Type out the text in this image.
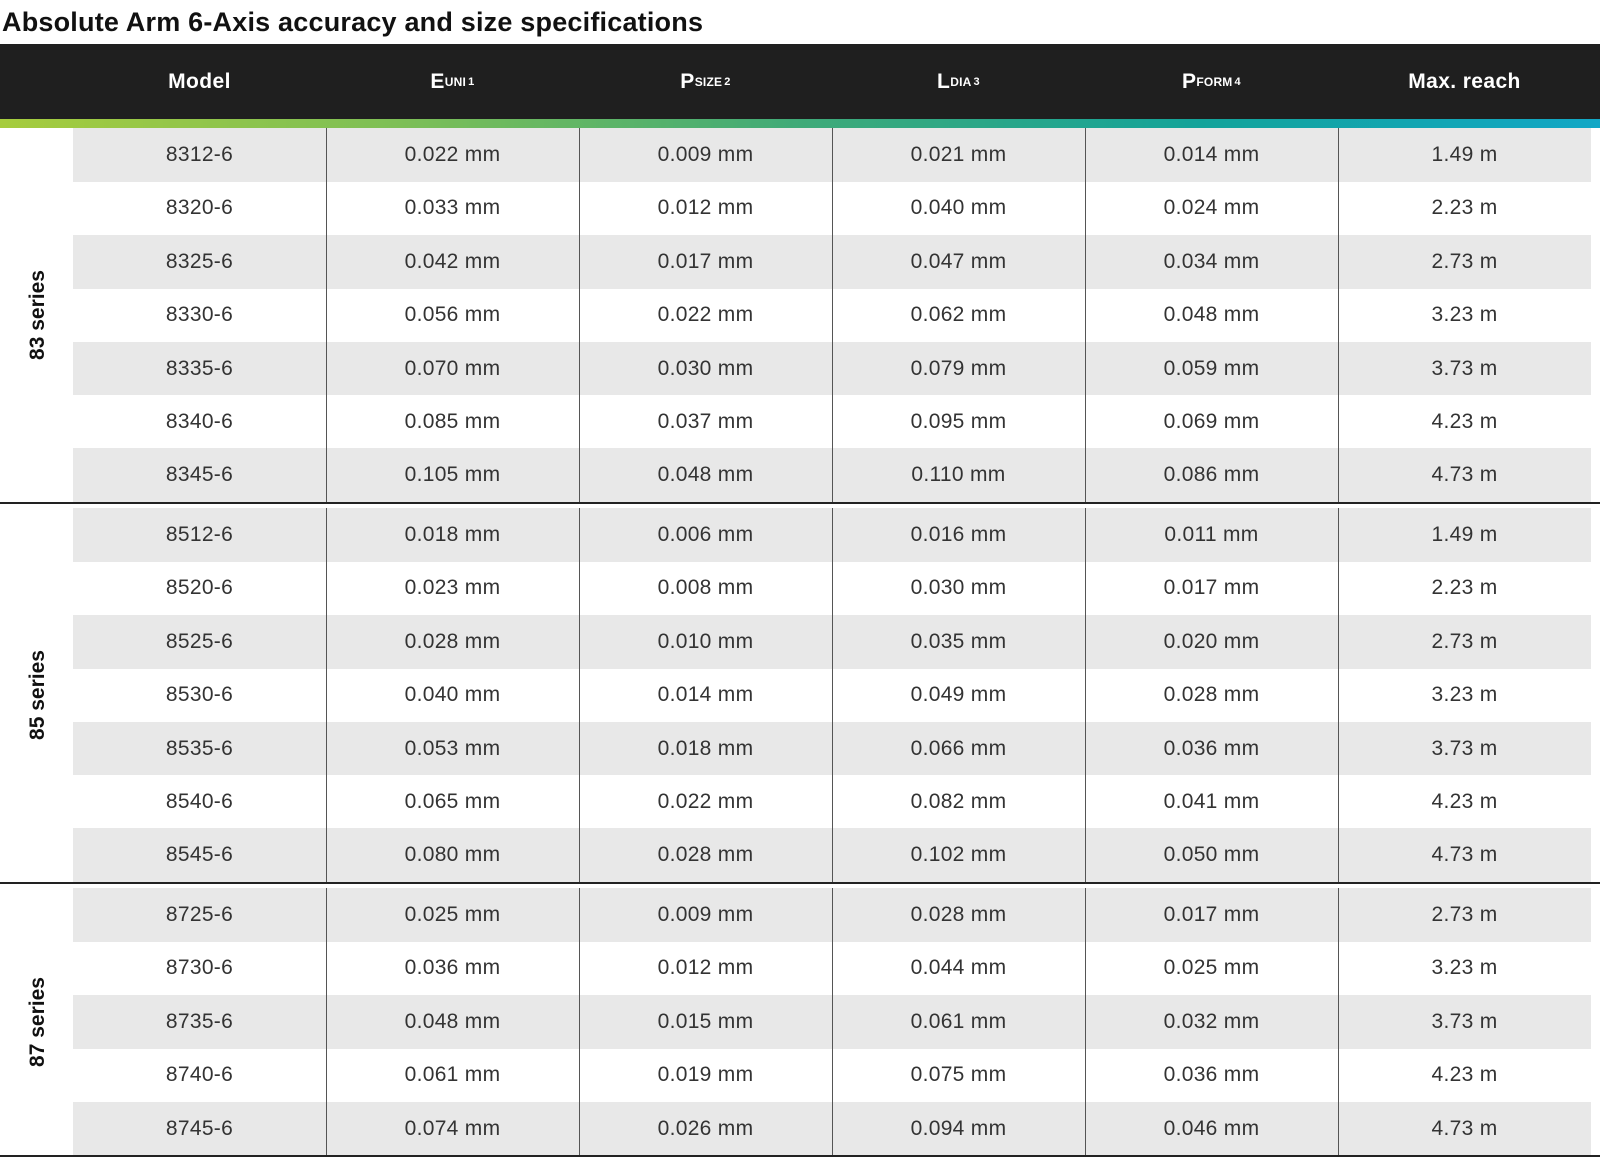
Absolute Arm 6-Axis accuracy and size specifications
Model	E UNI 1	P SIZE 2	L DIA 3	P FORM 4	Max. reach
83 series
8312-6	0.022 mm	0.009 mm	0.021 mm	0.014 mm	1.49 m
8320-6	0.033 mm	0.012 mm	0.040 mm	0.024 mm	2.23 m
8325-6	0.042 mm	0.017 mm	0.047 mm	0.034 mm	2.73 m
8330-6	0.056 mm	0.022 mm	0.062 mm	0.048 mm	3.23 m
8335-6	0.070 mm	0.030 mm	0.079 mm	0.059 mm	3.73 m
8340-6	0.085 mm	0.037 mm	0.095 mm	0.069 mm	4.23 m
8345-6	0.105 mm	0.048 mm	0.110 mm	0.086 mm	4.73 m
85 series
8512-6	0.018 mm	0.006 mm	0.016 mm	0.011 mm	1.49 m
8520-6	0.023 mm	0.008 mm	0.030 mm	0.017 mm	2.23 m
8525-6	0.028 mm	0.010 mm	0.035 mm	0.020 mm	2.73 m
8530-6	0.040 mm	0.014 mm	0.049 mm	0.028 mm	3.23 m
8535-6	0.053 mm	0.018 mm	0.066 mm	0.036 mm	3.73 m
8540-6	0.065 mm	0.022 mm	0.082 mm	0.041 mm	4.23 m
8545-6	0.080 mm	0.028 mm	0.102 mm	0.050 mm	4.73 m
87 series
8725-6	0.025 mm	0.009 mm	0.028 mm	0.017 mm	2.73 m
8730-6	0.036 mm	0.012 mm	0.044 mm	0.025 mm	3.23 m
8735-6	0.048 mm	0.015 mm	0.061 mm	0.032 mm	3.73 m
8740-6	0.061 mm	0.019 mm	0.075 mm	0.036 mm	4.23 m
8745-6	0.074 mm	0.026 mm	0.094 mm	0.046 mm	4.73 m
